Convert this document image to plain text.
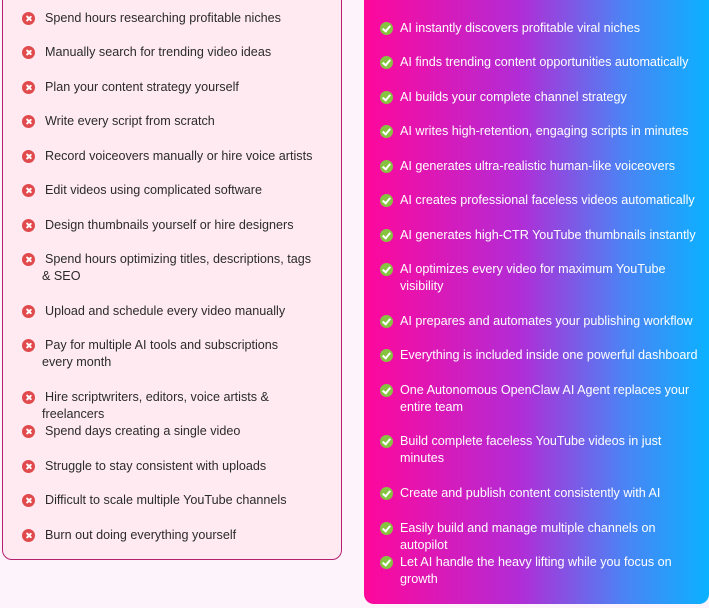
Spend hours researching profitable niches
Manually search for trending video ideas
Plan your content strategy yourself
Write every script from scratch
Record voiceovers manually or hire voice artists
Edit videos using complicated software
Design thumbnails yourself or hire designers
Spend hours optimizing titles, descriptions, tags & SEO
Upload and schedule every video manually
Pay for multiple AI tools and subscriptions every month
Hire scriptwriters, editors, voice artists & freelancers
Spend days creating a single video
Struggle to stay consistent with uploads
Difficult to scale multiple YouTube channels
Burn out doing everything yourself
AI instantly discovers profitable viral niches
AI finds trending content opportunities automatically
AI builds your complete channel strategy
AI writes high-retention, engaging scripts in minutes
AI generates ultra-realistic human-like voiceovers
AI creates professional faceless videos automatically
AI generates high-CTR YouTube thumbnails instantly
AI optimizes every video for maximum YouTube visibility
AI prepares and automates your publishing workflow
Everything is included inside one powerful dashboard
One Autonomous OpenClaw AI Agent replaces your entire team
Build complete faceless YouTube videos in just minutes
Create and publish content consistently with AI
Easily build and manage multiple channels on autopilot
Let AI handle the heavy lifting while you focus on growth
